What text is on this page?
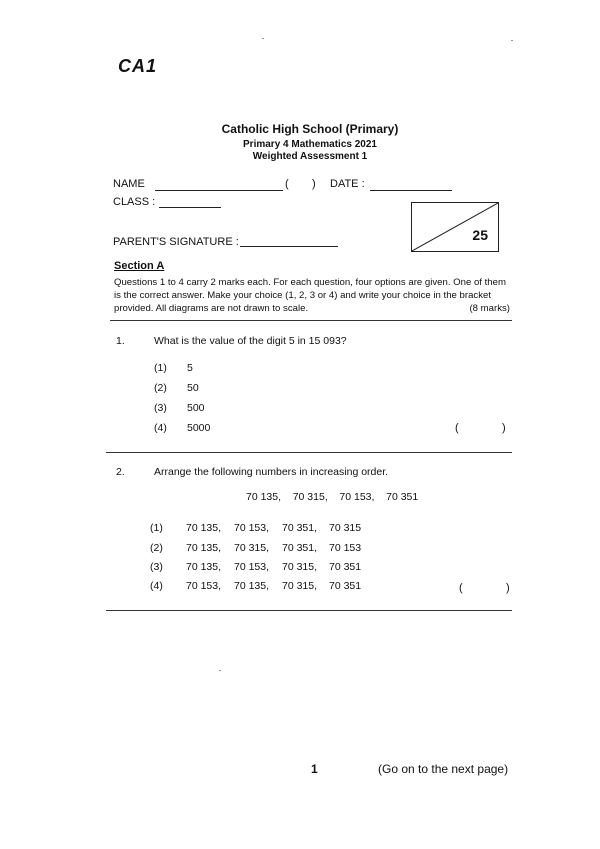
CA1
Catholic High School (Primary)
Primary 4 Mathematics 2021
Weighted Assessment 1
NAME	( ) DATE :
CLASS :
PARENT'S SIGNATURE :	25
Section A
Questions 1 to 4 carry 2 marks each. For each question, four options are given. One of them is the correct answer. Make your choice (1, 2, 3 or 4) and write your choice in the bracket provided. All diagrams are not drawn to scale.	(8 marks)
1.	What is the value of the digit 5 in 15 093?
(1) 5
(2) 50
(3) 500
(4) 5000	(	)
2.	Arrange the following numbers in increasing order.
70 135,    70 315,    70 153,    70 351
(1) 70 135, 70 153, 70 351, 70 315
(2) 70 135, 70 315, 70 351, 70 153
(3) 70 135, 70 153, 70 315, 70 351
(4) 70 153, 70 135, 70 315, 70 351	(	)
1	(Go on to the next page)
